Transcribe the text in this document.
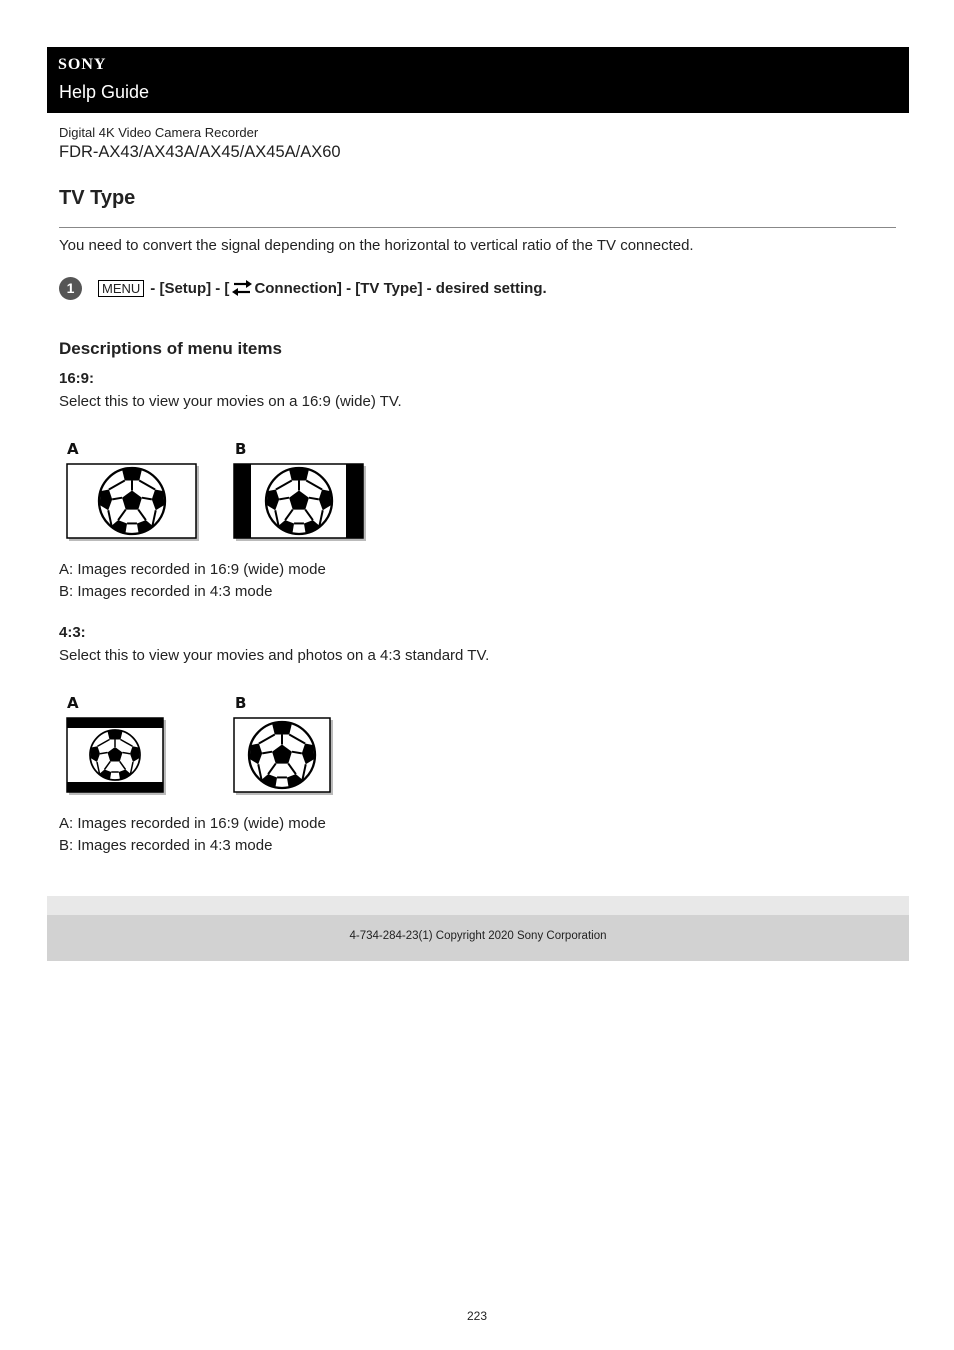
SONY
Help Guide
Digital 4K Video Camera Recorder
FDR-AX43/AX43A/AX45/AX45A/AX60
TV Type
You need to convert the signal depending on the horizontal to vertical ratio of the TV connected.
1	MENU - [Setup] - [ Connection] - [TV Type] - desired setting.
Descriptions of menu items
16:9:
Select this to view your movies on a 16:9 (wide) TV.
A	B
A: Images recorded in 16:9 (wide) mode
B: Images recorded in 4:3 mode
4:3:
Select this to view your movies and photos on a 4:3 standard TV.
A	B
A: Images recorded in 16:9 (wide) mode
B: Images recorded in 4:3 mode
4-734-284-23(1) Copyright 2020 Sony Corporation
223
